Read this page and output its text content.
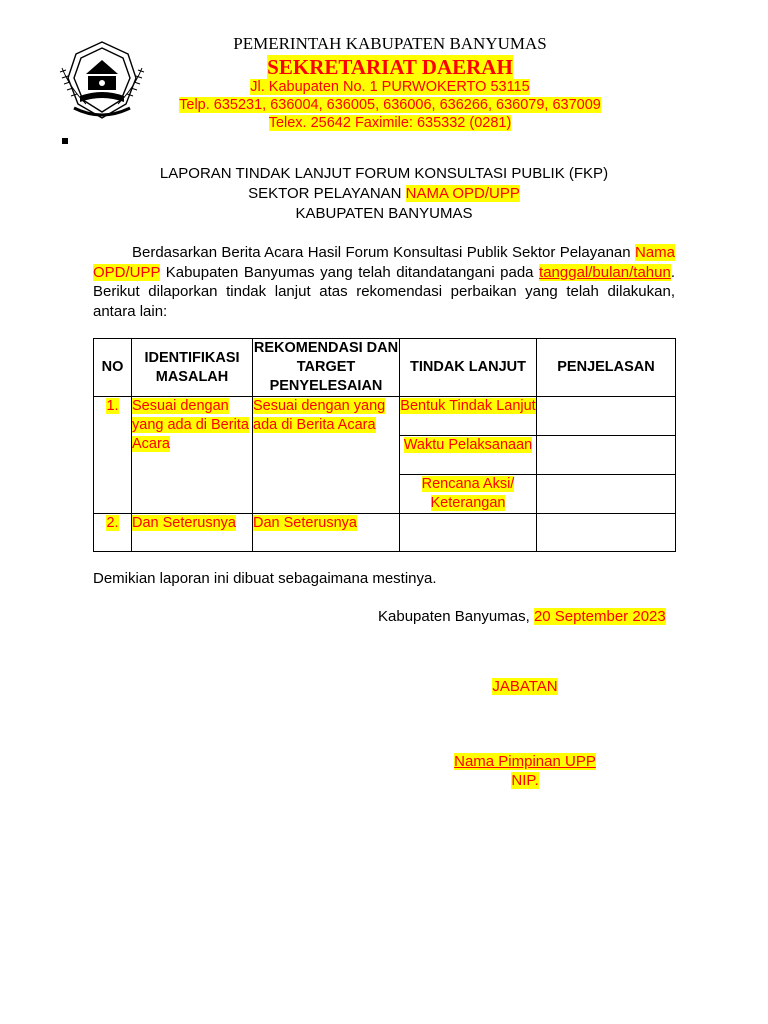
PEMERINTAH KABUPATEN BANYUMAS
SEKRETARIAT DAERAH
Jl. Kabupaten No. 1 PURWOKERTO 53115
Telp. 635231, 636004, 636005, 636006, 636266, 636079, 637009
Telex. 25642 Faximile: 635332 (0281)
LAPORAN TINDAK LANJUT FORUM KONSULTASI PUBLIK (FKP)
SEKTOR PELAYANAN NAMA OPD/UPP
KABUPATEN BANYUMAS
Berdasarkan Berita Acara Hasil Forum Konsultasi Publik Sektor Pelayanan Nama OPD/UPP Kabupaten Banyumas yang telah ditandatangani pada tanggal/bulan/tahun. Berikut dilaporkan tindak lanjut atas rekomendasi perbaikan yang telah dilakukan, antara lain:
NO	IDENTIFIKASI MASALAH	REKOMENDASI DAN TARGET PENYELESAIAN	TINDAK LANJUT	PENJELASAN
1.	Sesuai dengan yang ada di Berita Acara	Sesuai dengan yang ada di Berita Acara	Bentuk Tindak Lanjut	
			Waktu Pelaksanaan	
			Rencana Aksi/ Keterangan	
2.	Dan Seterusnya	Dan Seterusnya		
Demikian laporan ini dibuat sebagaimana mestinya.
Kabupaten Banyumas, 20 September 2023
JABATAN
Nama Pimpinan UPP
NIP.
